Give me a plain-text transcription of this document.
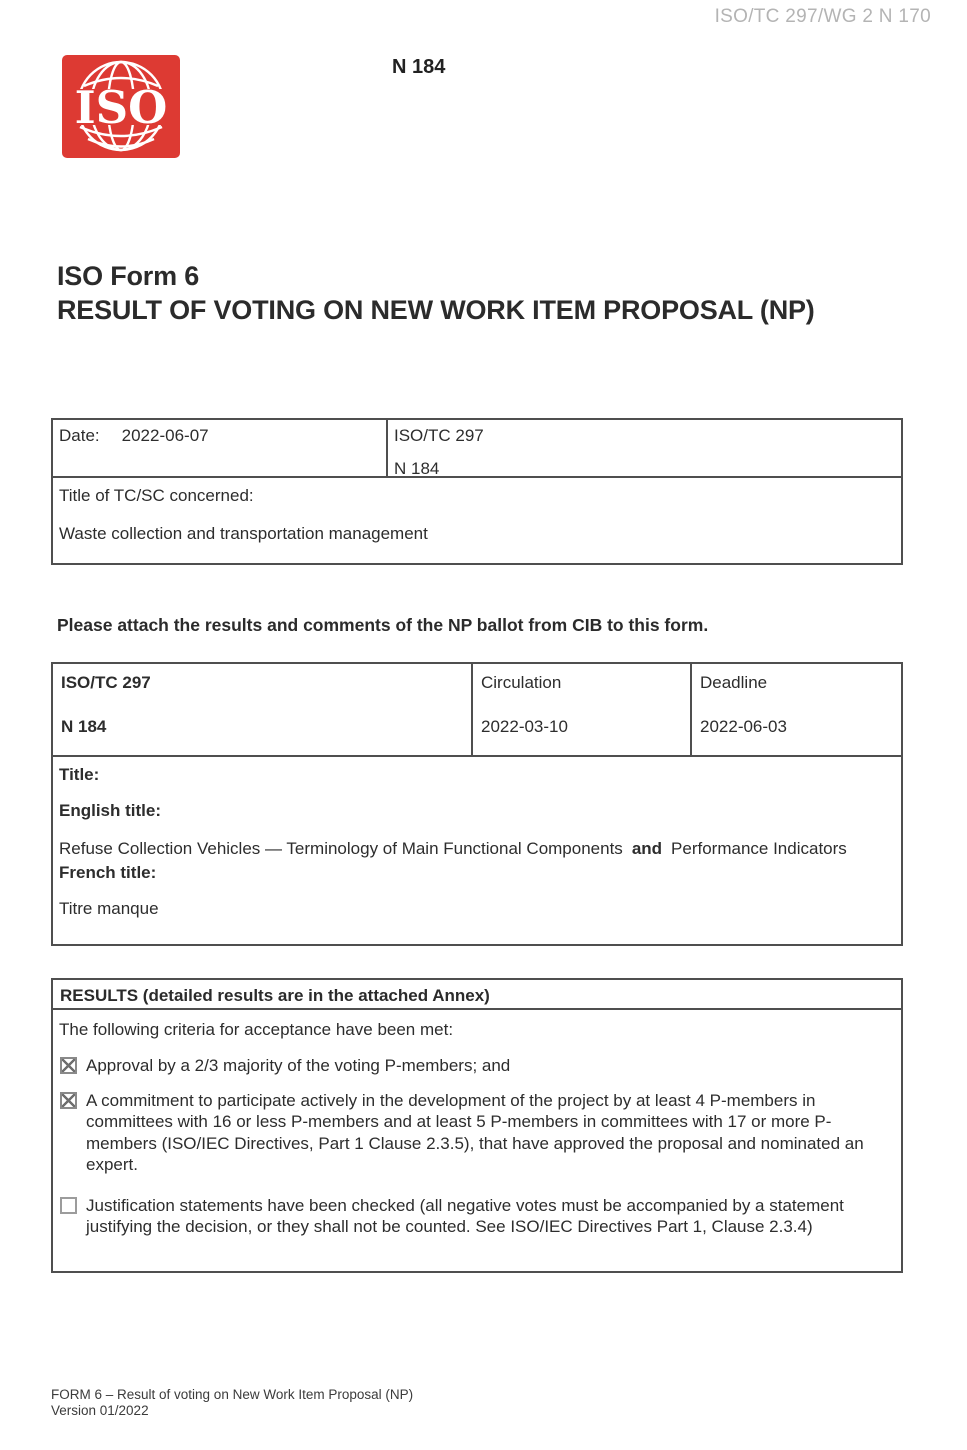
ISO/TC 297/WG 2 N 170
ISO
N 184
ISO Form 6
RESULT OF VOTING ON NEW WORK ITEM PROPOSAL (NP)
Date: 2022-06-07	ISO/TC 297
N 184
Title of TC/SC concerned:
Waste collection and transportation management
Please attach the results and comments of the NP ballot from CIB to this form.
ISO/TC 297
N 184
Circulation
2022-03-10
Deadline
2022-06-03
Title:
English title:
Refuse Collection Vehicles — Terminology of Main Functional Components and Performance Indicators
French title:
Titre manque
RESULTS (detailed results are in the attached Annex)
The following criteria for acceptance have been met:
Approval by a 2/3 majority of the voting P-members; and
A commitment to participate actively in the development of the project by at least 4 P-members in committees with 16 or less P-members and at least 5 P-members in committees with 17 or more P-members (ISO/IEC Directives, Part 1 Clause 2.3.5), that have approved the proposal and nominated an expert.
Justification statements have been checked (all negative votes must be accompanied by a statement justifying the decision, or they shall not be counted. See ISO/IEC Directives Part 1, Clause 2.3.4)
FORM 6 – Result of voting on New Work Item Proposal (NP)
Version 01/2022
